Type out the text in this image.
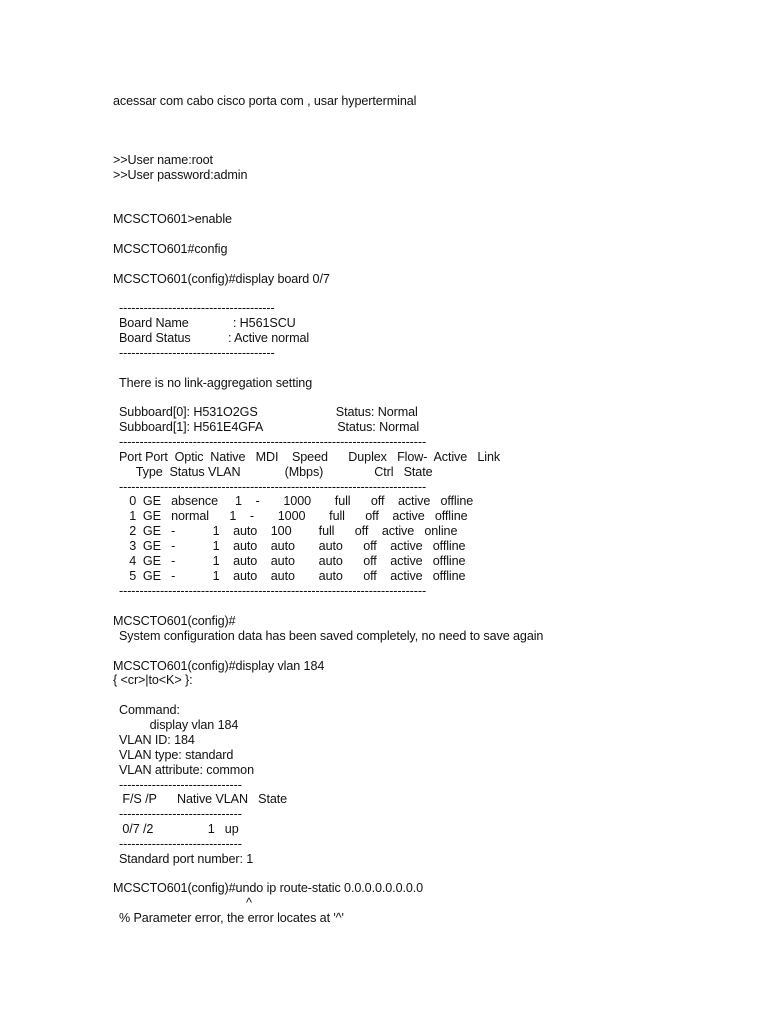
acessar com cabo cisco porta com , usar hyperterminal

>>User name:root

>>User password:admin

MCSCTO601>enable

MCSCTO601#config

MCSCTO601(config)#display board 0/7

--------------------------------------

Board Name             : H561SCU

Board Status           : Active normal

--------------------------------------

There is no link-aggregation setting

Subboard[0]: H531O2GS                       Status: Normal

Subboard[1]: H561E4GFA                      Status: Normal

---------------------------------------------------------------------------

Port Port  Optic  Native   MDI    Speed      Duplex   Flow-  Active   Link

Type  Status VLAN             (Mbps)               Ctrl   State

---------------------------------------------------------------------------

0  GE   absence     1    -       1000       full      off    active   offline

1  GE   normal      1    -       1000       full      off    active   offline

2  GE   -           1    auto    100        full      off    active   online

3  GE   -           1    auto    auto       auto      off    active   offline

4  GE   -           1    auto    auto       auto      off    active   offline

5  GE   -           1    auto    auto       auto      off    active   offline

---------------------------------------------------------------------------

MCSCTO601(config)#

System configuration data has been saved completely, no need to save again

MCSCTO601(config)#display vlan 184

{ <cr>|to<K> }:

Command:

display vlan 184

VLAN ID: 184

VLAN type: standard

VLAN attribute: common

------------------------------

F/S /P      Native VLAN   State

------------------------------

0/7 /2                1   up

------------------------------

Standard port number: 1

MCSCTO601(config)#undo ip route-static 0.0.0.0.0.0.0.0

^

% Parameter error, the error locates at '^'
